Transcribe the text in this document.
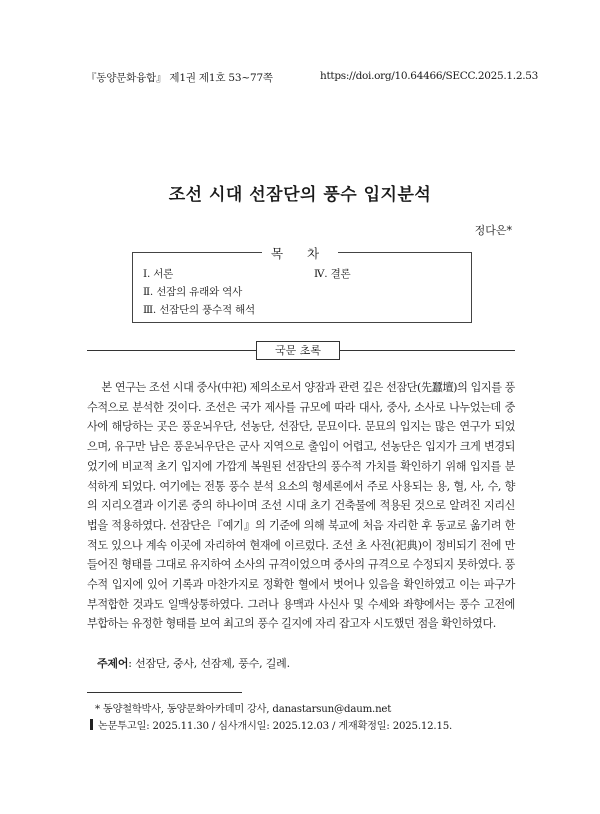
『동양문화융합』 제1권 제1호 53~77쪽	https://doi.org/10.64466/SECC.2025.1.2.53
조선 시대 선잠단의 풍수 입지분석
정다은*
목 차
Ⅰ. 서론
Ⅱ. 선잠의 유래와 역사
Ⅲ. 선잠단의 풍수적 해석
Ⅳ. 결론
국문 초록
본 연구는 조선 시대 중사(中祀) 제의소로서 양잠과 관련 깊은 선잠단(先蠶壇)의 입지를 풍수적으로 분석한 것이다. 조선은 국가 제사를 규모에 따라 대사, 중사, 소사로 나누었는데 중사에 해당하는 곳은 풍운뇌우단, 선농단, 선잠단, 문묘이다. 문묘의 입지는 많은 연구가 되었으며, 유구만 남은 풍운뇌우단은 군사 지역으로 출입이 어렵고, 선농단은 입지가 크게 변경되었기에 비교적 초기 입지에 가깝게 복원된 선잠단의 풍수적 가치를 확인하기 위해 입지를 분석하게 되었다. 여기에는 전통 풍수 분석 요소의 형세론에서 주로 사용되는 용, 혈, 사, 수, 향의 지리오결과 이기론 중의 하나이며 조선 시대 초기 건축물에 적용된 것으로 알려진 지리신법을 적용하였다. 선잠단은『예기』의 기준에 의해 북교에 처음 자리한 후 동교로 옮기려 한 적도 있으나 계속 이곳에 자리하여 현재에 이르렀다. 조선 초 사전(祀典)이 정비되기 전에 만들어진 형태를 그대로 유지하여 소사의 규격이었으며 중사의 규격으로 수정되지 못하였다. 풍수적 입지에 있어 기록과 마찬가지로 정확한 혈에서 벗어나 있음을 확인하였고 이는 파구가 부적합한 것과도 일맥상통하였다. 그러나 용맥과 사신사 및 수세와 좌향에서는 풍수 고전에 부합하는 유정한 형태를 보여 최고의 풍수 길지에 자리 잡고자 시도했던 점을 확인하였다.
주제어: 선잠단, 중사, 선잠제, 풍수, 길례.
* 동양철학박사, 동양문화아카데미 강사, danastarsun@daum.net
논문투고일: 2025.11.30 / 심사개시일: 2025.12.03 / 게재확정일: 2025.12.15.
